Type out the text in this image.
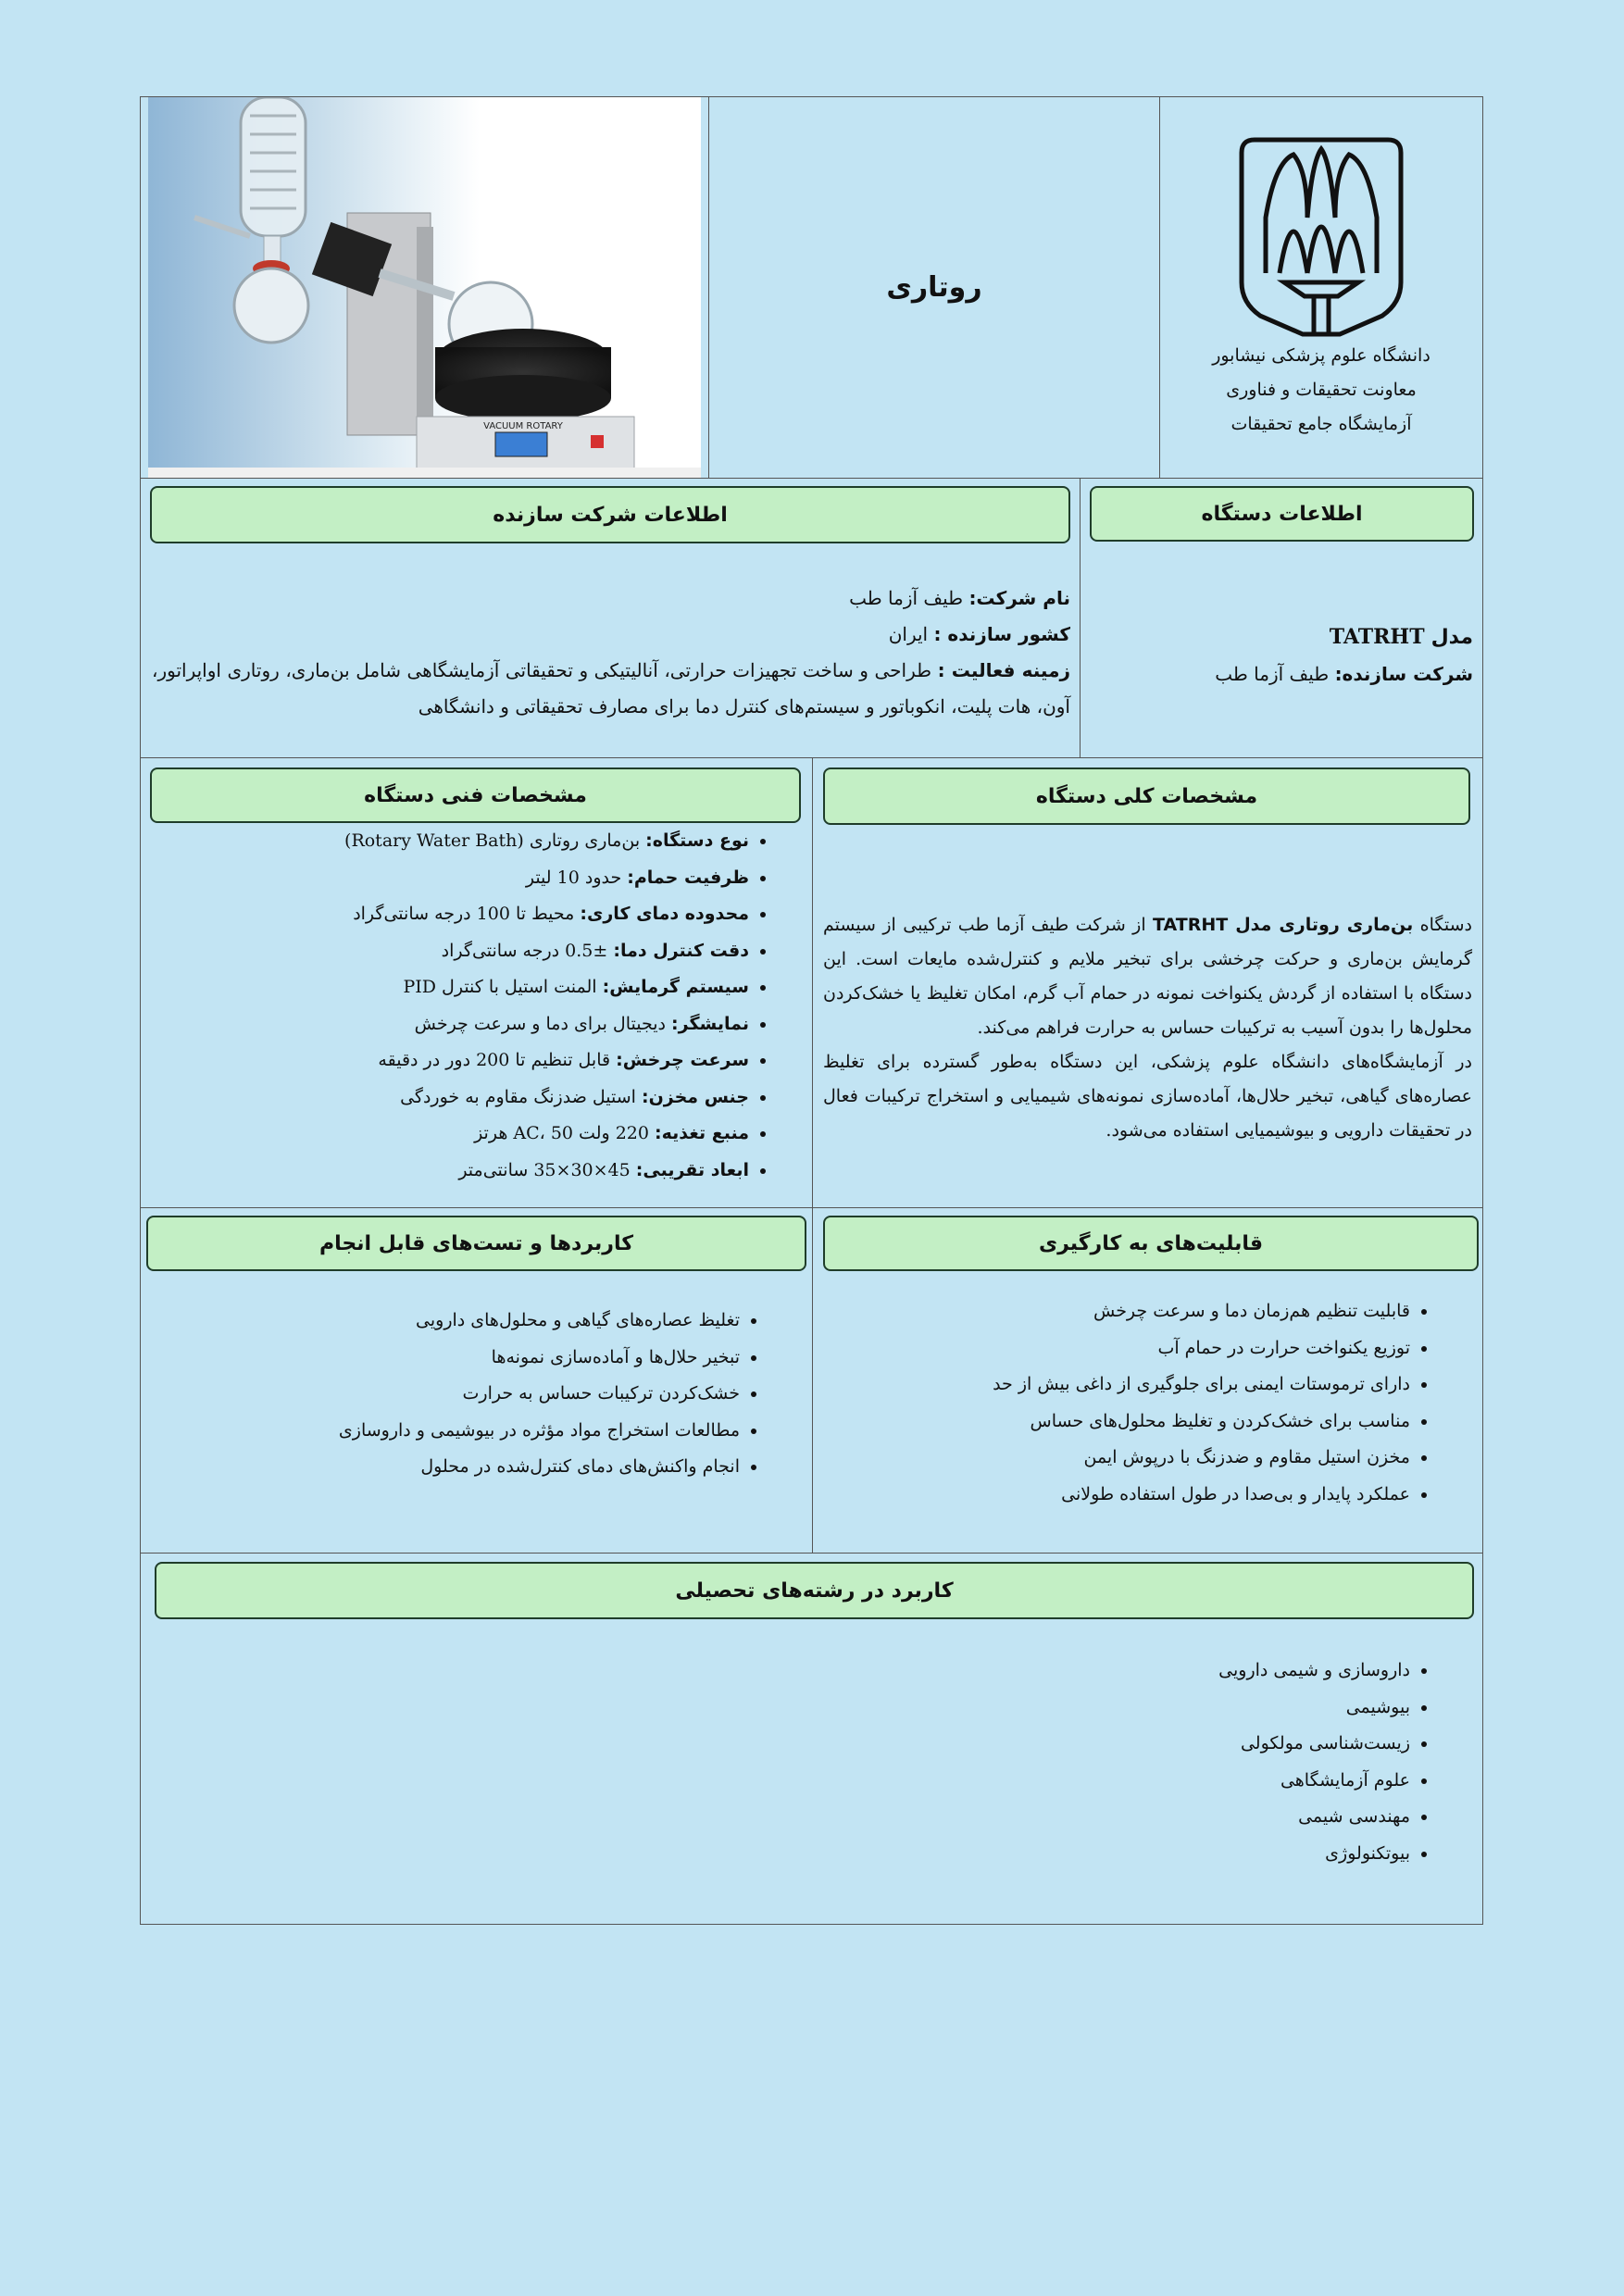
دانشگاه علوم پزشکی نیشابور
معاونت تحقیقات و فناوری
آزمایشگاه جامع تحقیقات
روتاری
VACUUM ROTARY
اطلاعات دستگاه
مدل TATRHT
شرکت سازنده: طیف آزما طب
اطلاعات شرکت سازنده
نام شرکت: طیف آزما طب
کشور سازنده : ایران
زمینه فعالیت : طراحی و ساخت تجهیزات حرارتی، آنالیتیکی و تحقیقاتی آزمایشگاهی شامل بن‌ماری، روتاری اواپراتور، آون، هات پلیت، انکوباتور و سیستم‌های کنترل دما برای مصارف تحقیقاتی و دانشگاهی
مشخصات کلی دستگاه
دستگاه بن‌ماری روتاری مدل TATRHT از شرکت طیف آزما طب ترکیبی از سیستم گرمایش بن‌ماری و حرکت چرخشی برای تبخیر ملایم و کنترل‌شده مایعات است. این دستگاه با استفاده از گردش یکنواخت نمونه در حمام آب گرم، امکان تغلیظ یا خشک‌کردن محلول‌ها را بدون آسیب به ترکیبات حساس به حرارت فراهم می‌کند.
در آزمایشگاه‌های دانشگاه علوم پزشکی، این دستگاه به‌طور گسترده برای تغلیظ عصاره‌های گیاهی، تبخیر حلال‌ها، آماده‌سازی نمونه‌های شیمیایی و استخراج ترکیبات فعال در تحقیقات دارویی و بیوشیمیایی استفاده می‌شود.
مشخصات فنی دستگاه
• نوع دستگاه: بن‌ماری روتاری (Rotary Water Bath)
• ظرفیت حمام: حدود 10 لیتر
• محدوده دمای کاری: محیط تا 100 درجه سانتی‌گراد
• دقت کنترل دما: ±0.5 درجه سانتی‌گراد
• سیستم گرمایش: المنت استیل با کنترل PID
• نمایشگر: دیجیتال برای دما و سرعت چرخش
• سرعت چرخش: قابل تنظیم تا 200 دور در دقیقه
• جنس مخزن: استیل ضدزنگ مقاوم به خوردگی
• منبع تغذیه: 220 ولت AC، 50 هرتز
• ابعاد تقریبی: 45×30×35 سانتی‌متر
قابلیت‌های به کارگیری
• قابلیت تنظیم هم‌زمان دما و سرعت چرخش
• توزیع یکنواخت حرارت در حمام آب
• دارای ترموستات ایمنی برای جلوگیری از داغی بیش از حد
• مناسب برای خشک‌کردن و تغلیظ محلول‌های حساس
• مخزن استیل مقاوم و ضدزنگ با درپوش ایمن
• عملکرد پایدار و بی‌صدا در طول استفاده طولانی
کاربردها و تست‌های قابل انجام
• تغلیظ عصاره‌های گیاهی و محلول‌های دارویی
• تبخیر حلال‌ها و آماده‌سازی نمونه‌ها
• خشک‌کردن ترکیبات حساس به حرارت
• مطالعات استخراج مواد مؤثره در بیوشیمی و داروسازی
• انجام واکنش‌های دمای کنترل‌شده در محلول
کاربرد در رشته‌های تحصیلی
• داروسازی و شیمی دارویی
• بیوشیمی
• زیست‌شناسی مولکولی
• علوم آزمایشگاهی
• مهندسی شیمی
• بیوتکنولوژی
